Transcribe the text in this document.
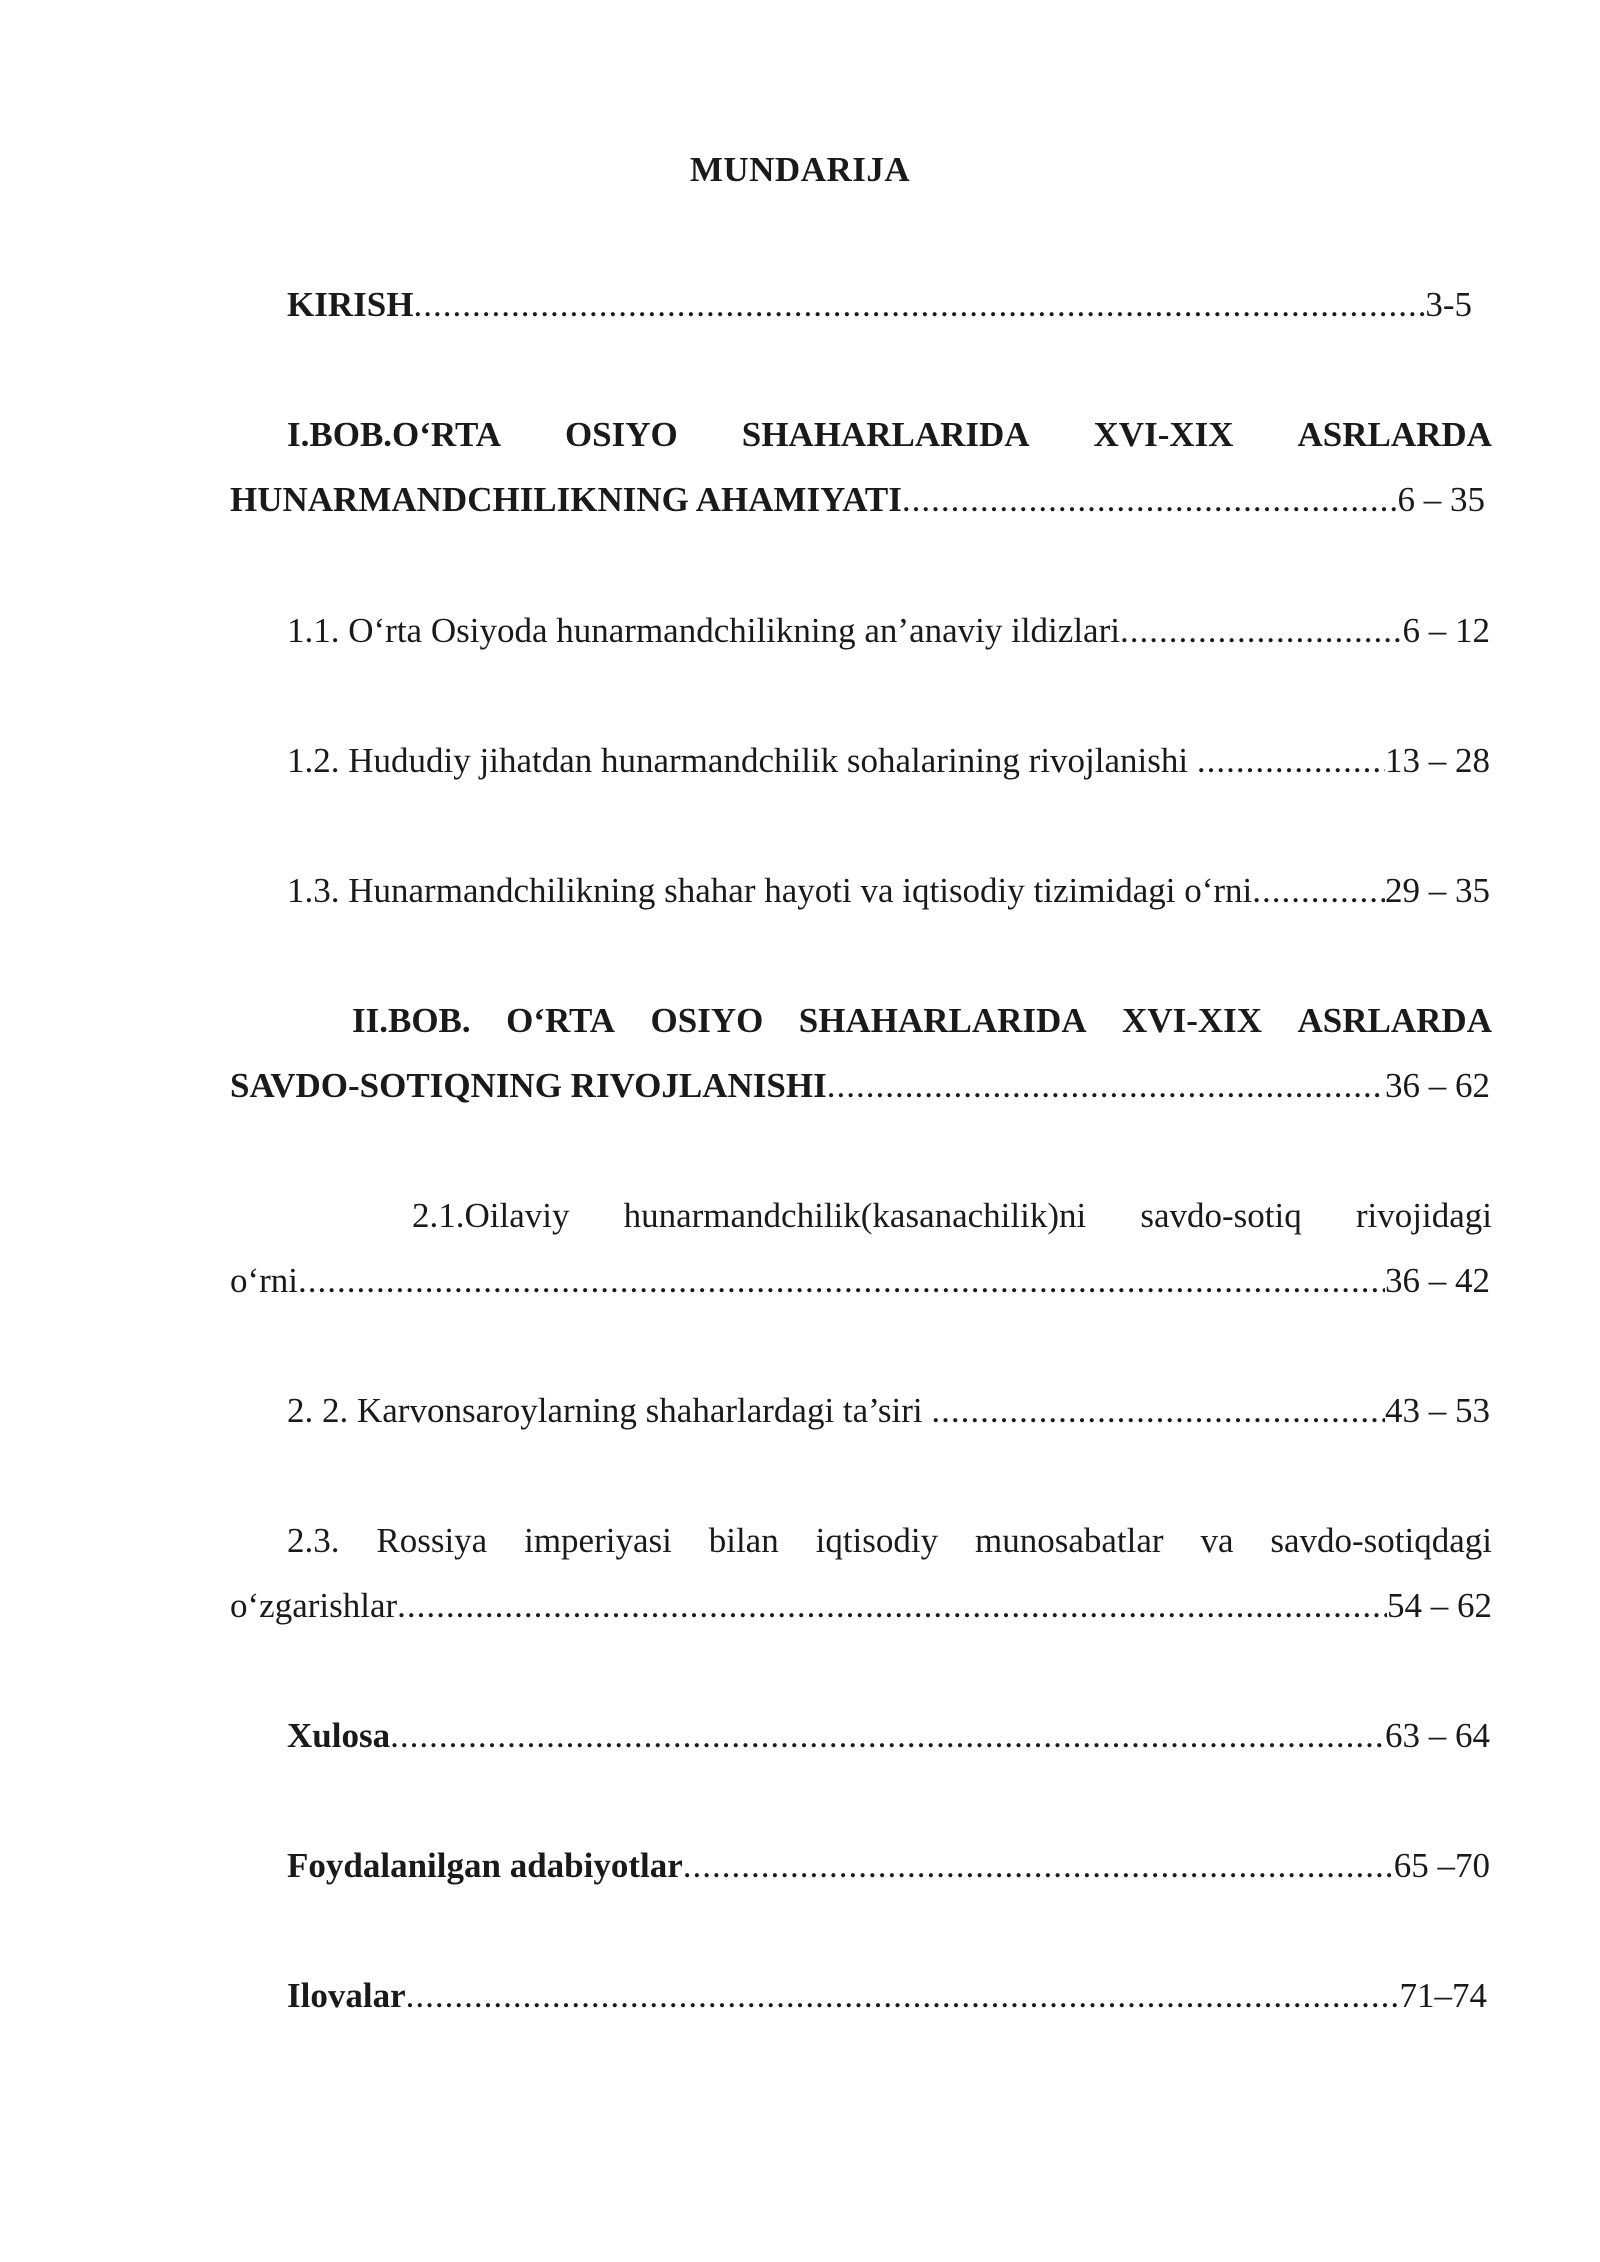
MUNDARIJA
KIRISH .....	3-5
I.BOB.O‘RTA OSIYO SHAHARLARIDA XVI-XIX ASRLARDA
HUNARMANDCHILIKNING AHAMIYATI .....	6 – 35
1.1. O‘rta Osiyoda hunarmandchilikning an’anaviy ildizlari .....	6 – 12
1.2. Hududiy jihatdan hunarmandchilik sohalarining rivojlanishi .....	13 – 28
1.3. Hunarmandchilikning shahar hayoti va iqtisodiy tizimidagi o‘rni .....	29 – 35
II.BOB. O‘RTA OSIYO SHAHARLARIDA XVI-XIX ASRLARDA
SAVDO-SOTIQNING RIVOJLANISHI .....	36 – 62
2.1.Oilaviy hunarmandchilik(kasanachilik)ni savdo-sotiq rivojidagi
o‘rni .....	36 – 42
2. 2. Karvonsaroylarning shaharlardagi ta’siri .....	43 – 53
2.3. Rossiya imperiyasi bilan iqtisodiy munosabatlar va savdo-sotiqdagi
o‘zgarishlar .....	54 – 62
Xulosa .....	63 – 64
Foydalanilgan adabiyotlar .....	65 –70
Ilovalar .....	71–74
